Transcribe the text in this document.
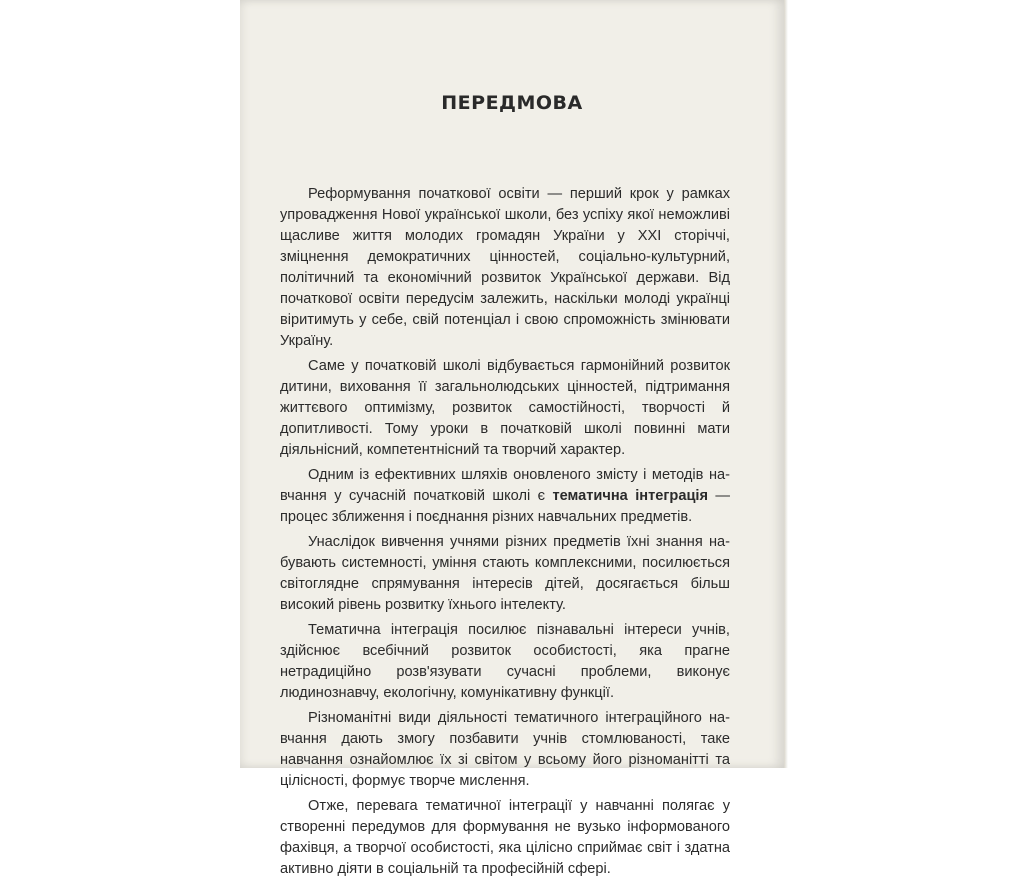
ПЕРЕДМОВА

Реформування початкової освіти — перший крок у рамках упровадження Нової української школи, без успіху якої неможливі щасливе життя молодих громадян України у XXI сторіччі, зміцнення демократичних цінностей, соціально-культурний, політичний та економічний розвиток Української держави. Від початкової освіти передусім залежить, наскільки молоді українці віритимуть у себе, свій потенціал і свою спроможність змінювати Україну.

Саме у початковій школі відбувається гармонійний розвиток дитини, виховання її загальнолюдських цінностей, підтримання життєвого оптимізму, розвиток самостійності, творчості й допитливості. Тому уроки в початковій школі повинні мати діяльнісний, компетентнісний та творчий характер.

Одним із ефективних шляхів оновленого змісту і методів навчання у сучасній початковій школі є тематична інтеграція — процес зближення і поєднання різних навчальних предметів.

Унаслідок вивчення учнями різних предметів їхні знання набувають системності, уміння стають комплексними, посилюється світоглядне спрямування інтересів дітей, досягається більш високий рівень розвитку їхнього інтелекту.

Тематична інтеграція посилює пізнавальні інтереси учнів, здійснює всебічний розвиток особистості, яка прагне нетрадиційно розв'язувати сучасні проблеми, виконує людинознавчу, екологічну, комунікативну функції.

Різноманітні види діяльності тематичного інтеграційного навчання дають змогу позбавити учнів стомлюваності, таке навчання ознайомлює їх зі світом у всьому його різноманітті та цілісності, формує творче мислення.

Отже, перевага тематичної інтеграції у навчанні полягає у створенні передумов для формування не вузько інформованого фахівця, а творчої особистості, яка цілісно сприймає світ і здатна активно діяти в соціальній та професійній сфері.
